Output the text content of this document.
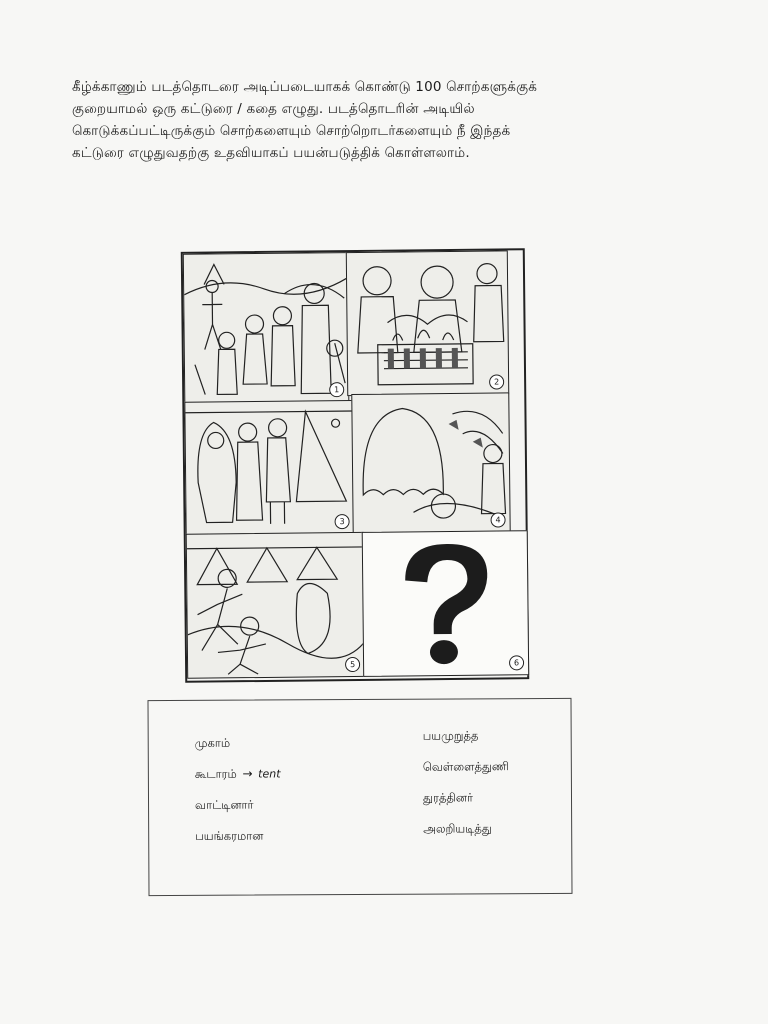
கீழ்க்காணும் படத்தொடரை அடிப்படையாகக் கொண்டு 100 சொற்களுக்குக்
குறையாமல் ஒரு கட்டுரை / கதை எழுது. படத்தொடரின் அடியில்
கொடுக்கப்பட்டிருக்கும் சொற்களையும் சொற்றொடர்களையும் நீ இந்தக்
கட்டுரை எழுதுவதற்கு உதவியாகப் பயன்படுத்திக் கொள்ளலாம்.
1
2
3	4
5	6
முகாம்
கூடாரம் → tent
வாட்டினார்
பயங்கரமான
பயமுறுத்த
வெள்ளைத்துணி
துரத்தினர்
அலறியடித்து
